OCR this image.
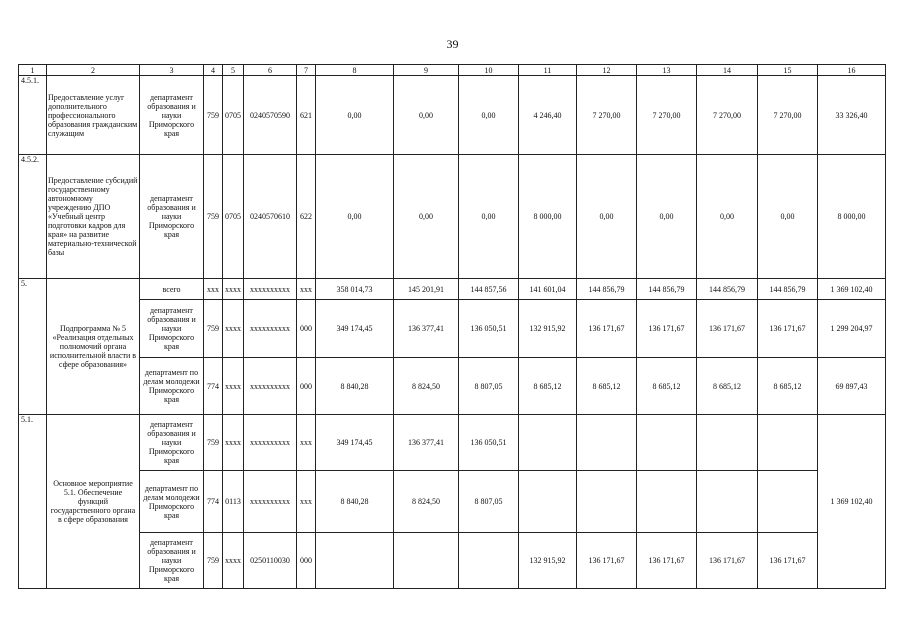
39
1	2	3	4	5	6	7	8	9	10	11	12	13	14	15	16
4.5.1.	Предоставление услуг дополнительного профессионального образования гражданским служащим	департамент образования и науки Приморского края	759	0705	0240570590	621	0,00	0,00	0,00	4 246,40	7 270,00	7 270,00	7 270,00	7 270,00	33 326,40
4.5.2.	Предоставление субсидий государственному автономному учреждению ДПО «Учебный центр подготовки кадров для края» на развитие материально-технической базы	департамент образования и науки Приморского края	759	0705	0240570610	622	0,00	0,00	0,00	8 000,00	0,00	0,00	0,00	0,00	8 000,00
5.	Подпрограмма № 5 «Реализация отдельных полномочий органа исполнительной власти в сфере образования»	всего	xxx	xxxx	xxxxxxxxxx	xxx	358 014,73	145 201,91	144 857,56	141 601,04	144 856,79	144 856,79	144 856,79	144 856,79	1 369 102,40
		департамент образования и науки Приморского края	759	xxxx	xxxxxxxxxx	000	349 174,45	136 377,41	136 050,51	132 915,92	136 171,67	136 171,67	136 171,67	136 171,67	1 299 204,97
		департамент по делам молодежи Приморского края	774	xxxx	xxxxxxxxxx	000	8 840,28	8 824,50	8 807,05	8 685,12	8 685,12	8 685,12	8 685,12	8 685,12	69 897,43
5.1.	Основное мероприятие 5.1. Обеспечение функций государственного органа в сфере образования	департамент образования и науки Приморского края	759	xxxx	xxxxxxxxxx	xxx	349 174,45	136 377,41	136 050,51						1 369 102,40
		департамент по делам молодежи Приморского края	774	0113	xxxxxxxxxx	xxx	8 840,28	8 824,50	8 807,05						
		департамент образования и науки Приморского края	759	xxxx	0250110030	000				132 915,92	136 171,67	136 171,67	136 171,67	136 171,67	
